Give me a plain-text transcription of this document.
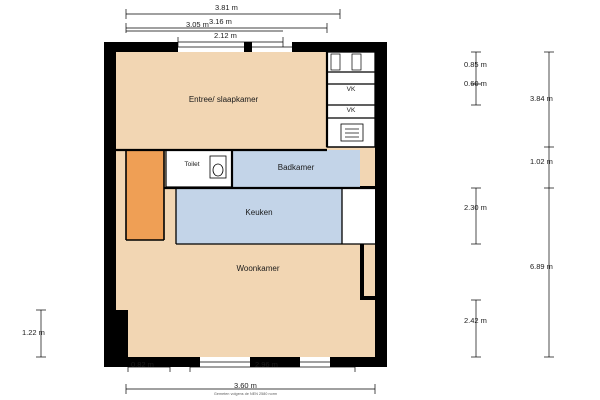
Entree/ slaapkamer
Toilet	Badkamer
Keuken
Woonkamer
VK
VK
3.81 m
3.16 m
3.05 m
2.12 m
0.85 m
0.60 m
2.30 m
2.42 m
3.84 m
1.02 m
6.89 m
1.22 m
0.82 m	2.96 m
3.60 m
Gemeten volgens de NEN 2580 norm
